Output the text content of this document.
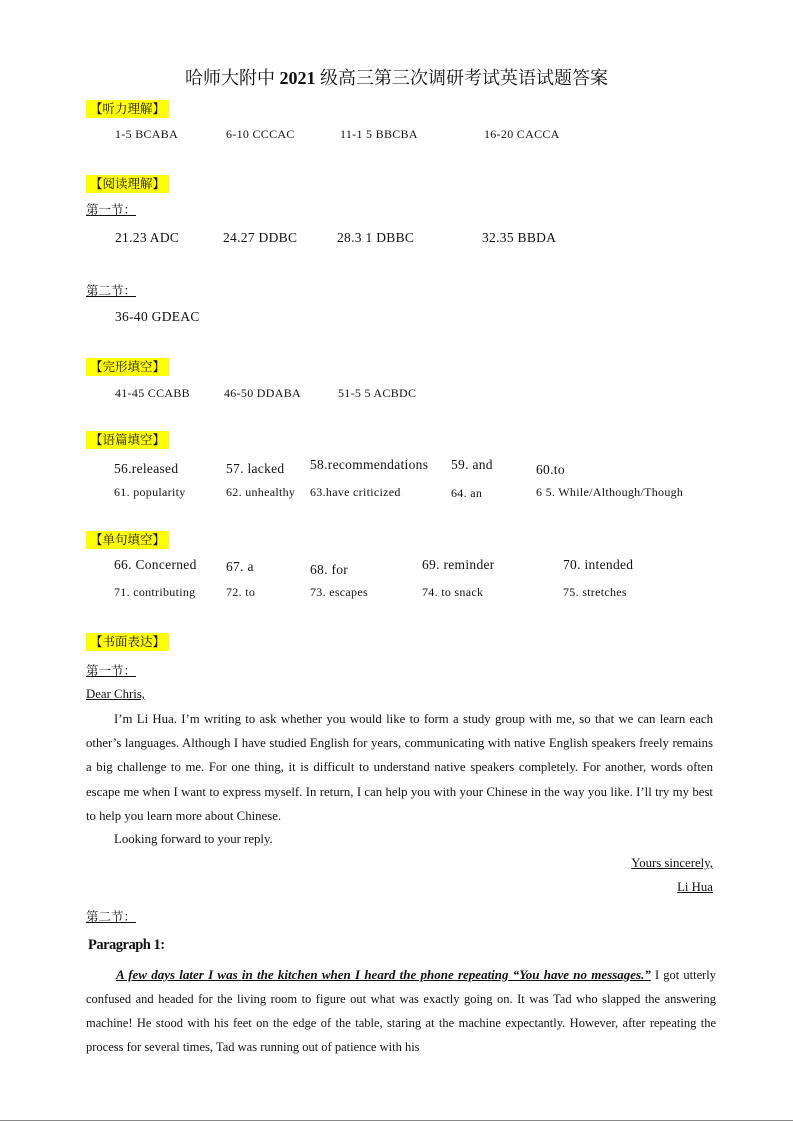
哈师大附中 2021 级高三第三次调研考试英语试题答案
【听力理解】
1-5 BCABA	6-10 CCCAC	11-1 5 BBCBA	16-20 CACCA
【阅读理解】
第一节：
21.23 ADC	24.27 DDBC	28.3 1 DBBC	32.35 BBDA
第二节：
36-40 GDEAC
【完形填空】
41-45 CCABB	46-50 DDABA	51-5 5 ACBDC
【语篇填空】
56.released	57. lacked 58.recommendations 59. and	60.to
61. popularity	62. unhealthy 63.have criticized	64. an	6 5. While/Although/Though
【单句填空】
66. Concerned 67. a	68. for	69. reminder	70. intended
71. contributing	72. to	73. escapes	74. to snack	75. stretches
【书面表达】
第一节：
Dear Chris,
I’m Li Hua. I’m writing to ask whether you would like to form a study group with me, so that we can learn each other’s languages. Although I have studied English for years, communicating with native English speakers freely remains a big challenge to me. For one thing, it is difficult to understand native speakers completely. For another, words often escape me when I want to express myself. In return, I can help you with your Chinese in the way you like. I’ll try my best to help you learn more about Chinese.
Looking forward to your reply.
Yours sincerely,
Li Hua
第二节：
Paragraph 1:
A few days later I was in the kitchen when I heard the phone repeating “You have no messages.” I got utterly confused and headed for the living room to figure out what was exactly going on. It was Tad who slapped the answering machine! He stood with his feet on the edge of the table, staring at the machine expectantly. However, after repeating the process for several times, Tad was running out of patience with his
